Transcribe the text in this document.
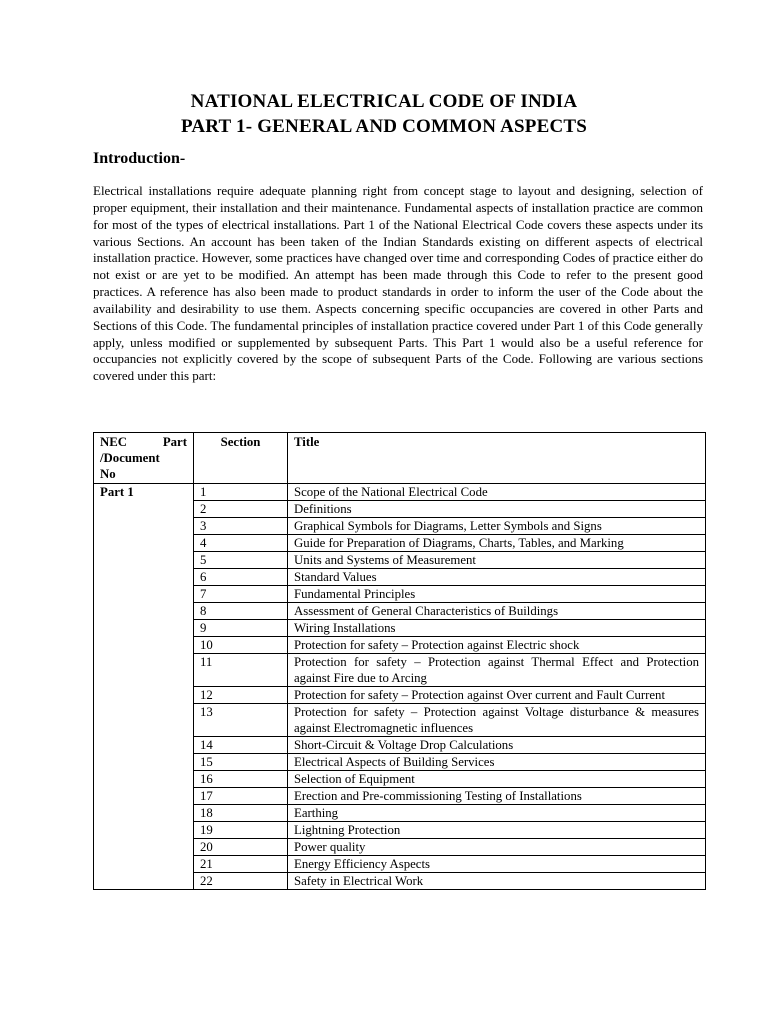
NATIONAL ELECTRICAL CODE OF INDIA
PART 1- GENERAL AND COMMON ASPECTS
Introduction-

Electrical installations require adequate planning right from concept stage to layout and designing, selection of proper equipment, their installation and their maintenance. Fundamental aspects of installation practice are common for most of the types of electrical installations. Part 1 of the National Electrical Code covers these aspects under its various Sections. An account has been taken of the Indian Standards existing on different aspects of electrical installation practice. However, some practices have changed over time and corresponding Codes of practice either do not exist or are yet to be modified. An attempt has been made through this Code to refer to the present good practices. A reference has also been made to product standards in order to inform the user of the Code about the availability and desirability to use them. Aspects concerning specific occupancies are covered in other Parts and Sections of this Code. The fundamental principles of installation practice covered under Part 1 of this Code generally apply, unless modified or supplemented by subsequent Parts. This Part 1 would also be a useful reference for occupancies not explicitly covered by the scope of subsequent Parts of the Code. Following are various sections covered under this part:

NEC Part
/Document
No	Section	Title
Part 1	1	Scope of the National Electrical Code
	2	Definitions
	3	Graphical Symbols for Diagrams, Letter Symbols and Signs
	4	Guide for Preparation of Diagrams, Charts, Tables, and Marking
	5	Units and Systems of Measurement
	6	Standard Values
	7	Fundamental Principles
	8	Assessment of General Characteristics of Buildings
	9	Wiring Installations
	10	Protection for safety – Protection against Electric shock
	11	Protection for safety – Protection against Thermal Effect and Protection against Fire due to Arcing
	12	Protection for safety – Protection against Over current and Fault Current
	13	Protection for safety – Protection against Voltage disturbance & measures against Electromagnetic influences
	14	Short-Circuit & Voltage Drop Calculations
	15	Electrical Aspects of Building Services
	16	Selection of Equipment
	17	Erection and Pre-commissioning Testing of Installations
	18	Earthing
	19	Lightning Protection
	20	Power quality
	21	Energy Efficiency Aspects
	22	Safety in Electrical Work
